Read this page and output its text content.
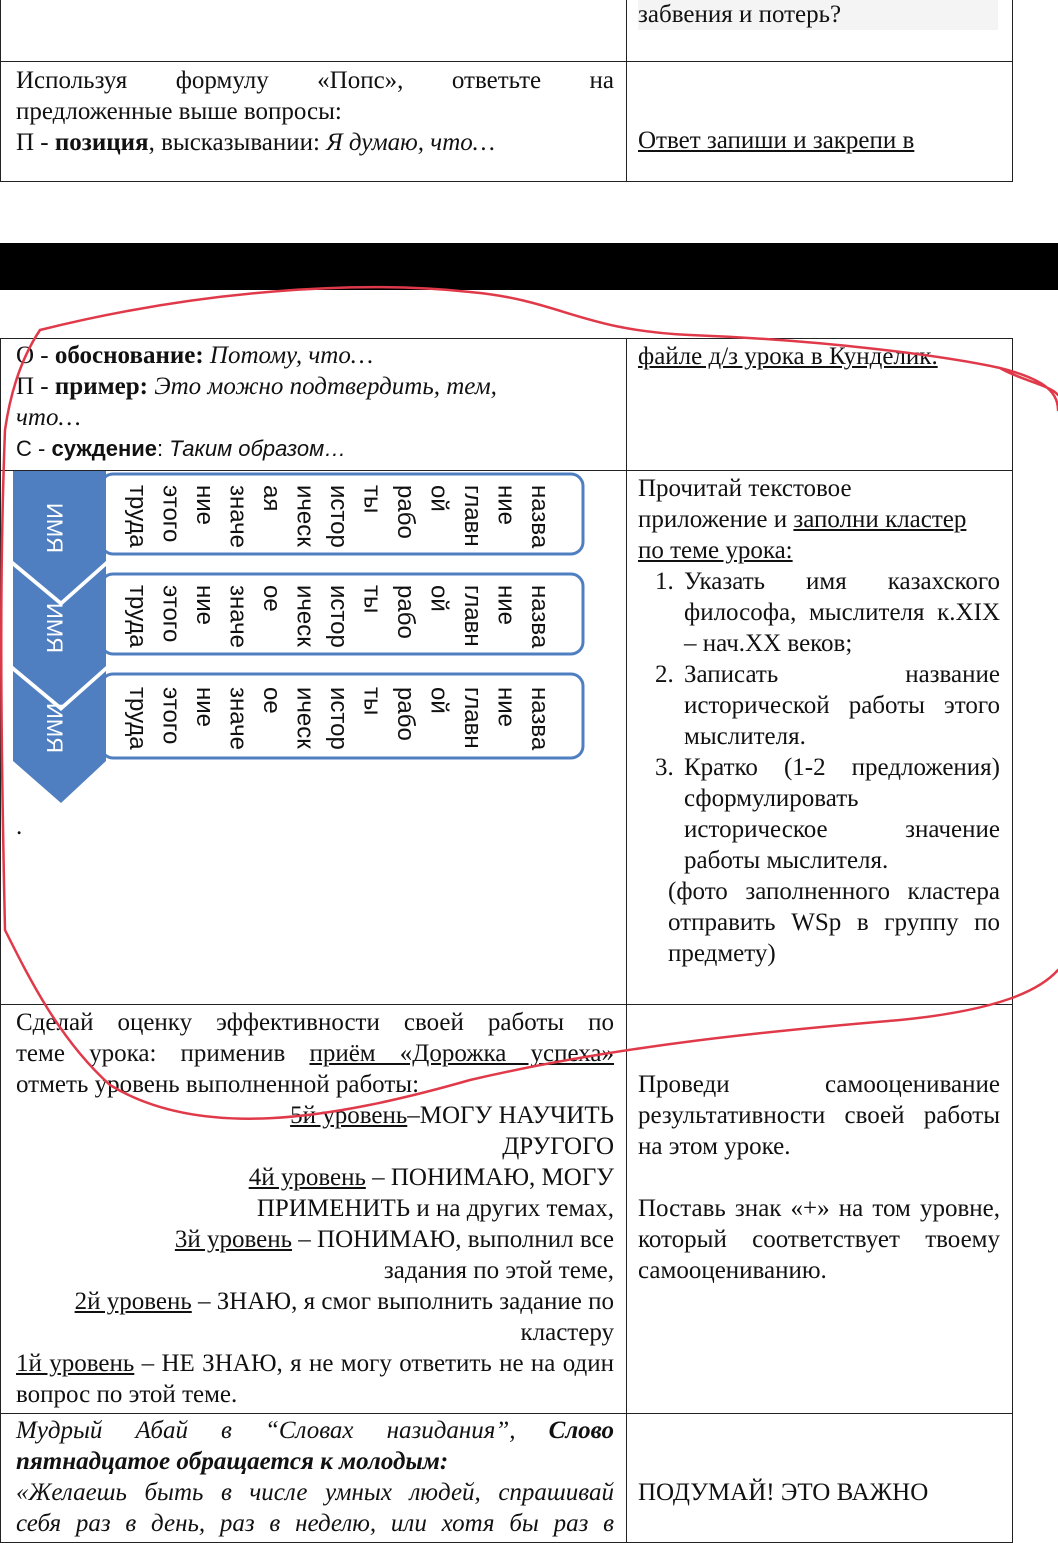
забвения и потерь?
Используя формулу «Попс», ответьте на
предложенные выше вопросы:
П - позиция, высказывании: Я думаю, что…	Ответ запиши и закрепи в
О - обоснование: Потому, что…
П - пример: Это можно подтвердить, тем,
что…
С - суждение: Таким образом…
файле д/з урока в Кунделик.
ИМЯ
ИМЯ
ИМЯ
назва
ние
главн
ой
рабо
ты
истор
ическ
ая
значе
ние
этого
труда
назва
ние
главн
ой
рабо
ты
истор
ическ
ое
значе
ние
этого
труда
назва
ние
главн
ой
рабо
ты
истор
ическ
ое
значе
ние
этого
труда
.
Прочитай текстовое
приложение и заполни кластер
по теме урока:
1. Указать имя казахского философа, мыслителя к.XIX – нач.XX веков;
2. Записать название исторической работы этого мыслителя.
3. Кратко (1-2 предложения) сформулировать историческое значение работы мыслителя.
(фото заполненного кластера отправить WSp в группу по предмету)
Сделай оценку эффективности своей работы по
теме урока: применив приём «Дорожка успеха»
отметь уровень выполненной работы:
5й уровень–МОГУ НАУЧИТЬ ДРУГОГО
4й уровень – ПОНИМАЮ, МОГУ ПРИМЕНИТЬ и на других темах,
3й уровень – ПОНИМАЮ, выполнил все задания по этой теме,
2й уровень – ЗНАЮ, я смог выполнить задание по кластеру
1й уровень – НЕ ЗНАЮ, я не могу ответить не на один вопрос по этой теме.
Проведи самооценивание результативности своей работы на этом уроке.
Поставь знак «+» на том уровне, который соответствует твоему самооцениванию.
Мудрый Абай в “Словах назидания”, Слово пятнадцатое обращается к молодым:
«Желаешь быть в числе умных людей, спрашивай
себя раз в день, раз в неделю, или хотя бы раз в
ПОДУМАЙ! ЭТО ВАЖНО
